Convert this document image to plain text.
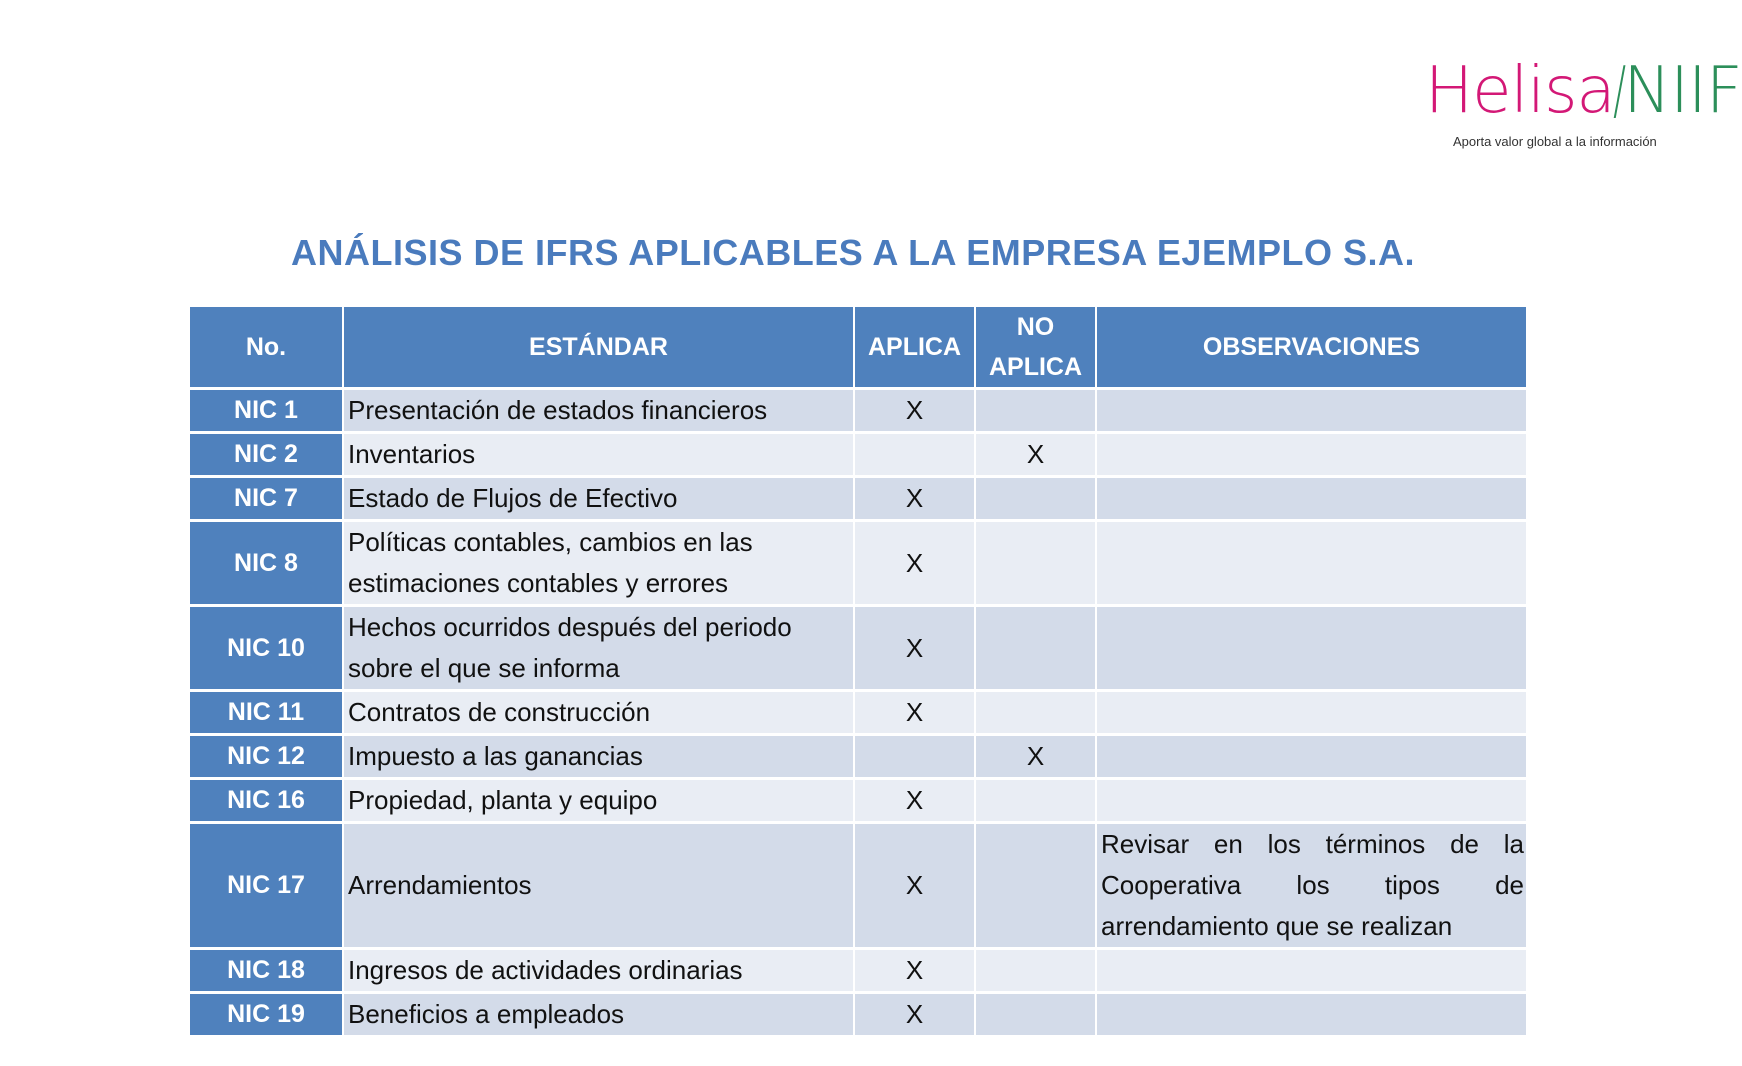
Helisa/NIIF
Aporta valor global a la información
ANÁLISIS DE IFRS APLICABLES A LA EMPRESA EJEMPLO S.A.
No.	ESTÁNDAR	APLICA	NO APLICA	OBSERVACIONES
NIC 1	Presentación de estados financieros	X		
NIC 2	Inventarios		X	
NIC 7	Estado de Flujos de Efectivo	X		
NIC 8	Políticas contables, cambios en las estimaciones contables y errores	X		
NIC 10	Hechos ocurridos después del periodo sobre el que se informa	X		
NIC 11	Contratos de construcción	X		
NIC 12	Impuesto a las ganancias		X	
NIC 16	Propiedad, planta y equipo	X		
NIC 17	Arrendamientos	X		Revisar en los términos de la Cooperativa los tipos de arrendamiento que se realizan
NIC 18	Ingresos de actividades ordinarias	X		
NIC 19	Beneficios a empleados	X		
